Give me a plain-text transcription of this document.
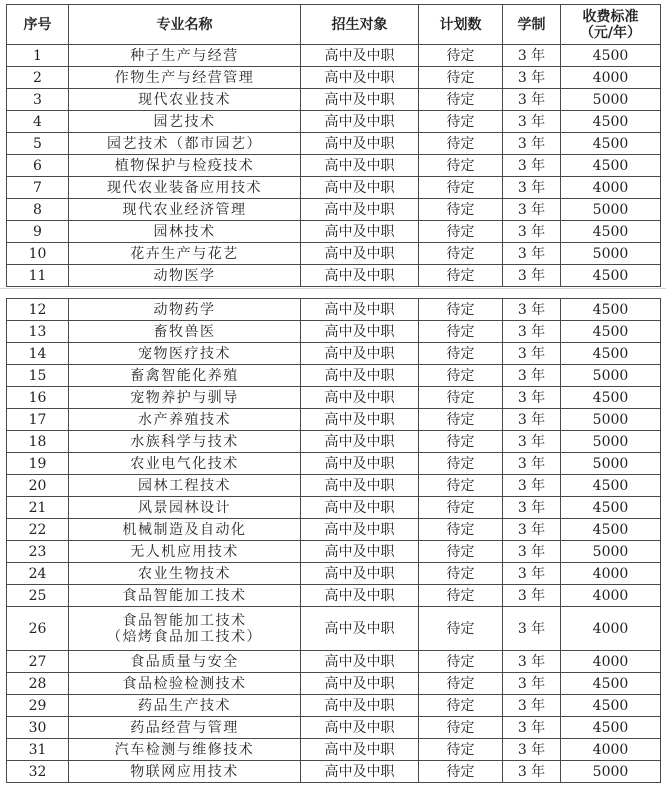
序号	专业名称	招生对象	计划数	学制	收费标准
（元/年）
1	种子生产与经营	高中及中职	待定	3 年	4500
2	作物生产与经营管理	高中及中职	待定	3 年	4000
3	现代农业技术	高中及中职	待定	3 年	5000
4	园艺技术	高中及中职	待定	3 年	4500
5	园艺技术（都市园艺）	高中及中职	待定	3 年	4500
6	植物保护与检疫技术	高中及中职	待定	3 年	4500
7	现代农业装备应用技术	高中及中职	待定	3 年	4000
8	现代农业经济管理	高中及中职	待定	3 年	5000
9	园林技术	高中及中职	待定	3 年	4500
10	花卉生产与花艺	高中及中职	待定	3 年	5000
11	动物医学	高中及中职	待定	3 年	4500
12	动物药学	高中及中职	待定	3 年	4500
13	畜牧兽医	高中及中职	待定	3 年	4500
14	宠物医疗技术	高中及中职	待定	3 年	4500
15	畜禽智能化养殖	高中及中职	待定	3 年	5000
16	宠物养护与驯导	高中及中职	待定	3 年	4500
17	水产养殖技术	高中及中职	待定	3 年	5000
18	水族科学与技术	高中及中职	待定	3 年	5000
19	农业电气化技术	高中及中职	待定	3 年	5000
20	园林工程技术	高中及中职	待定	3 年	4500
21	风景园林设计	高中及中职	待定	3 年	4500
22	机械制造及自动化	高中及中职	待定	3 年	4500
23	无人机应用技术	高中及中职	待定	3 年	5000
24	农业生物技术	高中及中职	待定	3 年	4000
25	食品智能加工技术	高中及中职	待定	3 年	4000
26	食品智能加工技术
（焙烤食品加工技术）	高中及中职	待定	3 年	4000
27	食品质量与安全	高中及中职	待定	3 年	4000
28	食品检验检测技术	高中及中职	待定	3 年	4500
29	药品生产技术	高中及中职	待定	3 年	4500
30	药品经营与管理	高中及中职	待定	3 年	4500
31	汽车检测与维修技术	高中及中职	待定	3 年	4000
32	物联网应用技术	高中及中职	待定	3 年	5000
